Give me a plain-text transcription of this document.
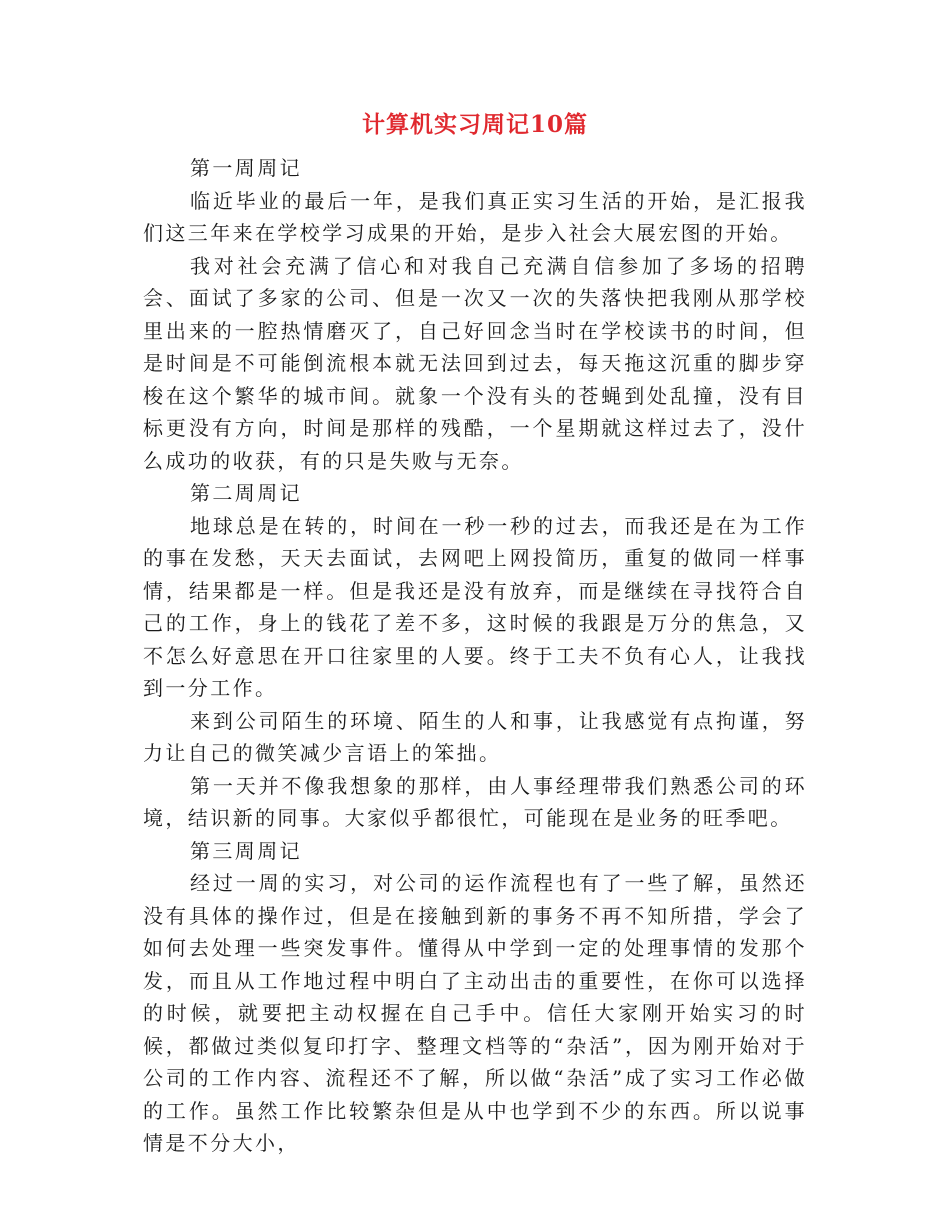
计算机实习周记10篇

第一周周记

临近毕业的最后一年，是我们真正实习生活的开始，是汇报我们这三年来在学校学习成果的开始，是步入社会大展宏图的开始。

我对社会充满了信心和对我自己充满自信参加了多场的招聘会、面试了多家的公司、但是一次又一次的失落快把我刚从那学校里出来的一腔热情磨灭了，自己好回念当时在学校读书的时间，但是时间是不可能倒流根本就无法回到过去，每天拖这沉重的脚步穿梭在这个繁华的城市间。就象一个没有头的苍蝇到处乱撞，没有目标更没有方向，时间是那样的残酷，一个星期就这样过去了，没什么成功的收获，有的只是失败与无奈。

第二周周记

地球总是在转的，时间在一秒一秒的过去，而我还是在为工作的事在发愁，天天去面试，去网吧上网投简历，重复的做同一样事情，结果都是一样。但是我还是没有放弃，而是继续在寻找符合自己的工作，身上的钱花了差不多，这时候的我跟是万分的焦急，又不怎么好意思在开口往家里的人要。终于工夫不负有心人，让我找到一分工作。

来到公司陌生的环境、陌生的人和事，让我感觉有点拘谨，努力让自己的微笑减少言语上的笨拙。

第一天并不像我想象的那样，由人事经理带我们熟悉公司的环境，结识新的同事。大家似乎都很忙，可能现在是业务的旺季吧。

第三周周记

经过一周的实习，对公司的运作流程也有了一些了解，虽然还没有具体的操作过，但是在接触到新的事务不再不知所措，学会了如何去处理一些突发事件。懂得从中学到一定的处理事情的发那个发，而且从工作地过程中明白了主动出击的重要性，在你可以选择的时候，就要把主动权握在自己手中。信任大家刚开始实习的时候，都做过类似复印打字、整理文档等的“杂活”，因为刚开始对于公司的工作内容、流程还不了解，所以做“杂活”成了实习工作必做的工作。虽然工作比较繁杂但是从中也学到不少的东西。所以说事情是不分大小，
